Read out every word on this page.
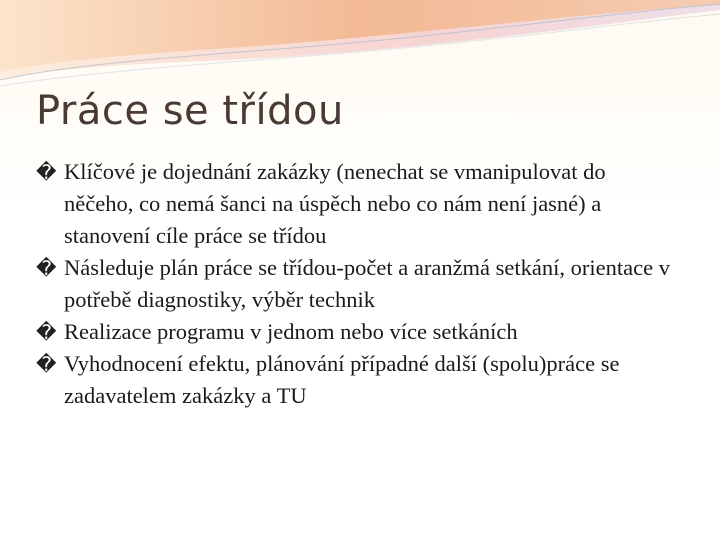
Práce se třídou
� Klíčové je dojednání zakázky (nenechat se vmanipulovat do něčeho, co nemá šanci na úspěch nebo co nám není jasné) a stanovení cíle práce se třídou
� Následuje plán práce se třídou-počet a aranžmá setkání, orientace v potřebě diagnostiky, výběr technik
� Realizace programu v jednom nebo více setkáních
� Vyhodnocení efektu, plánování případné další (spolu)práce se zadavatelem zakázky a TU
